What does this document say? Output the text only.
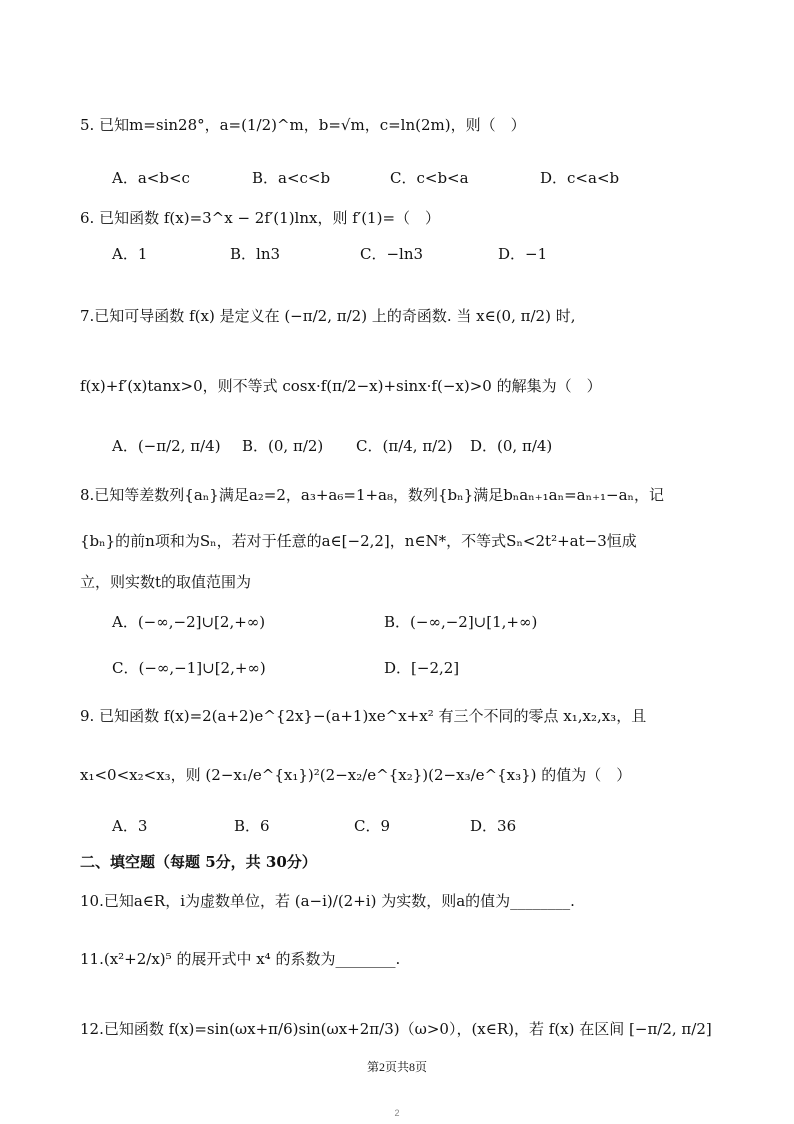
5. 已知m=sin28°，a=(1/2)^m，b=√m，c=ln(2m)，则（　）
A．a<b<c	B．a<c<b	C．c<b<a	D．c<a<b
6. 已知函数 f(x)=3^x − 2f′(1)lnx，则 f′(1)=（　）
A．1	B．ln3	C．−ln3	D．−1
7.已知可导函数 f(x) 是定义在 (−π/2, π/2) 上的奇函数. 当 x∈(0, π/2) 时,
f(x)+f′(x)tanx>0，则不等式 cosx·f(π/2−x)+sinx·f(−x)>0 的解集为（　）
A．(−π/2, π/4) B．(0, π/2) C．(π/4, π/2) D．(0, π/4)
8.已知等差数列{aₙ}满足a₂=2，a₃+a₆=1+a₈，数列{bₙ}满足bₙaₙ₊₁aₙ=aₙ₊₁−aₙ，记
{bₙ}的前n项和为Sₙ，若对于任意的a∈[−2,2]，n∈N*，不等式Sₙ<2t²+at−3恒成
立，则实数t的取值范围为
A．(−∞,−2]∪[2,+∞)	B．(−∞,−2]∪[1,+∞)
C．(−∞,−1]∪[2,+∞)	D．[−2,2]
9. 已知函数 f(x)=2(a+2)e^{2x}−(a+1)xe^x+x² 有三个不同的零点 x₁,x₂,x₃，且
x₁<0<x₂<x₃，则 (2−x₁/e^{x₁})²(2−x₂/e^{x₂})(2−x₃/e^{x₃}) 的值为（　）
A．3	B．6	C．9	D．36
二、填空题（每题 5分，共 30分）
10.已知a∈R，i为虚数单位，若 (a−i)/(2+i) 为实数，则a的值为________.
11.(x²+2/x)⁵ 的展开式中 x⁴ 的系数为________.
12.已知函数 f(x)=sin(ωx+π/6)sin(ωx+2π/3)（ω>0），(x∈R)，若 f(x) 在区间 [−π/2, π/2]
第2页共8页
2
